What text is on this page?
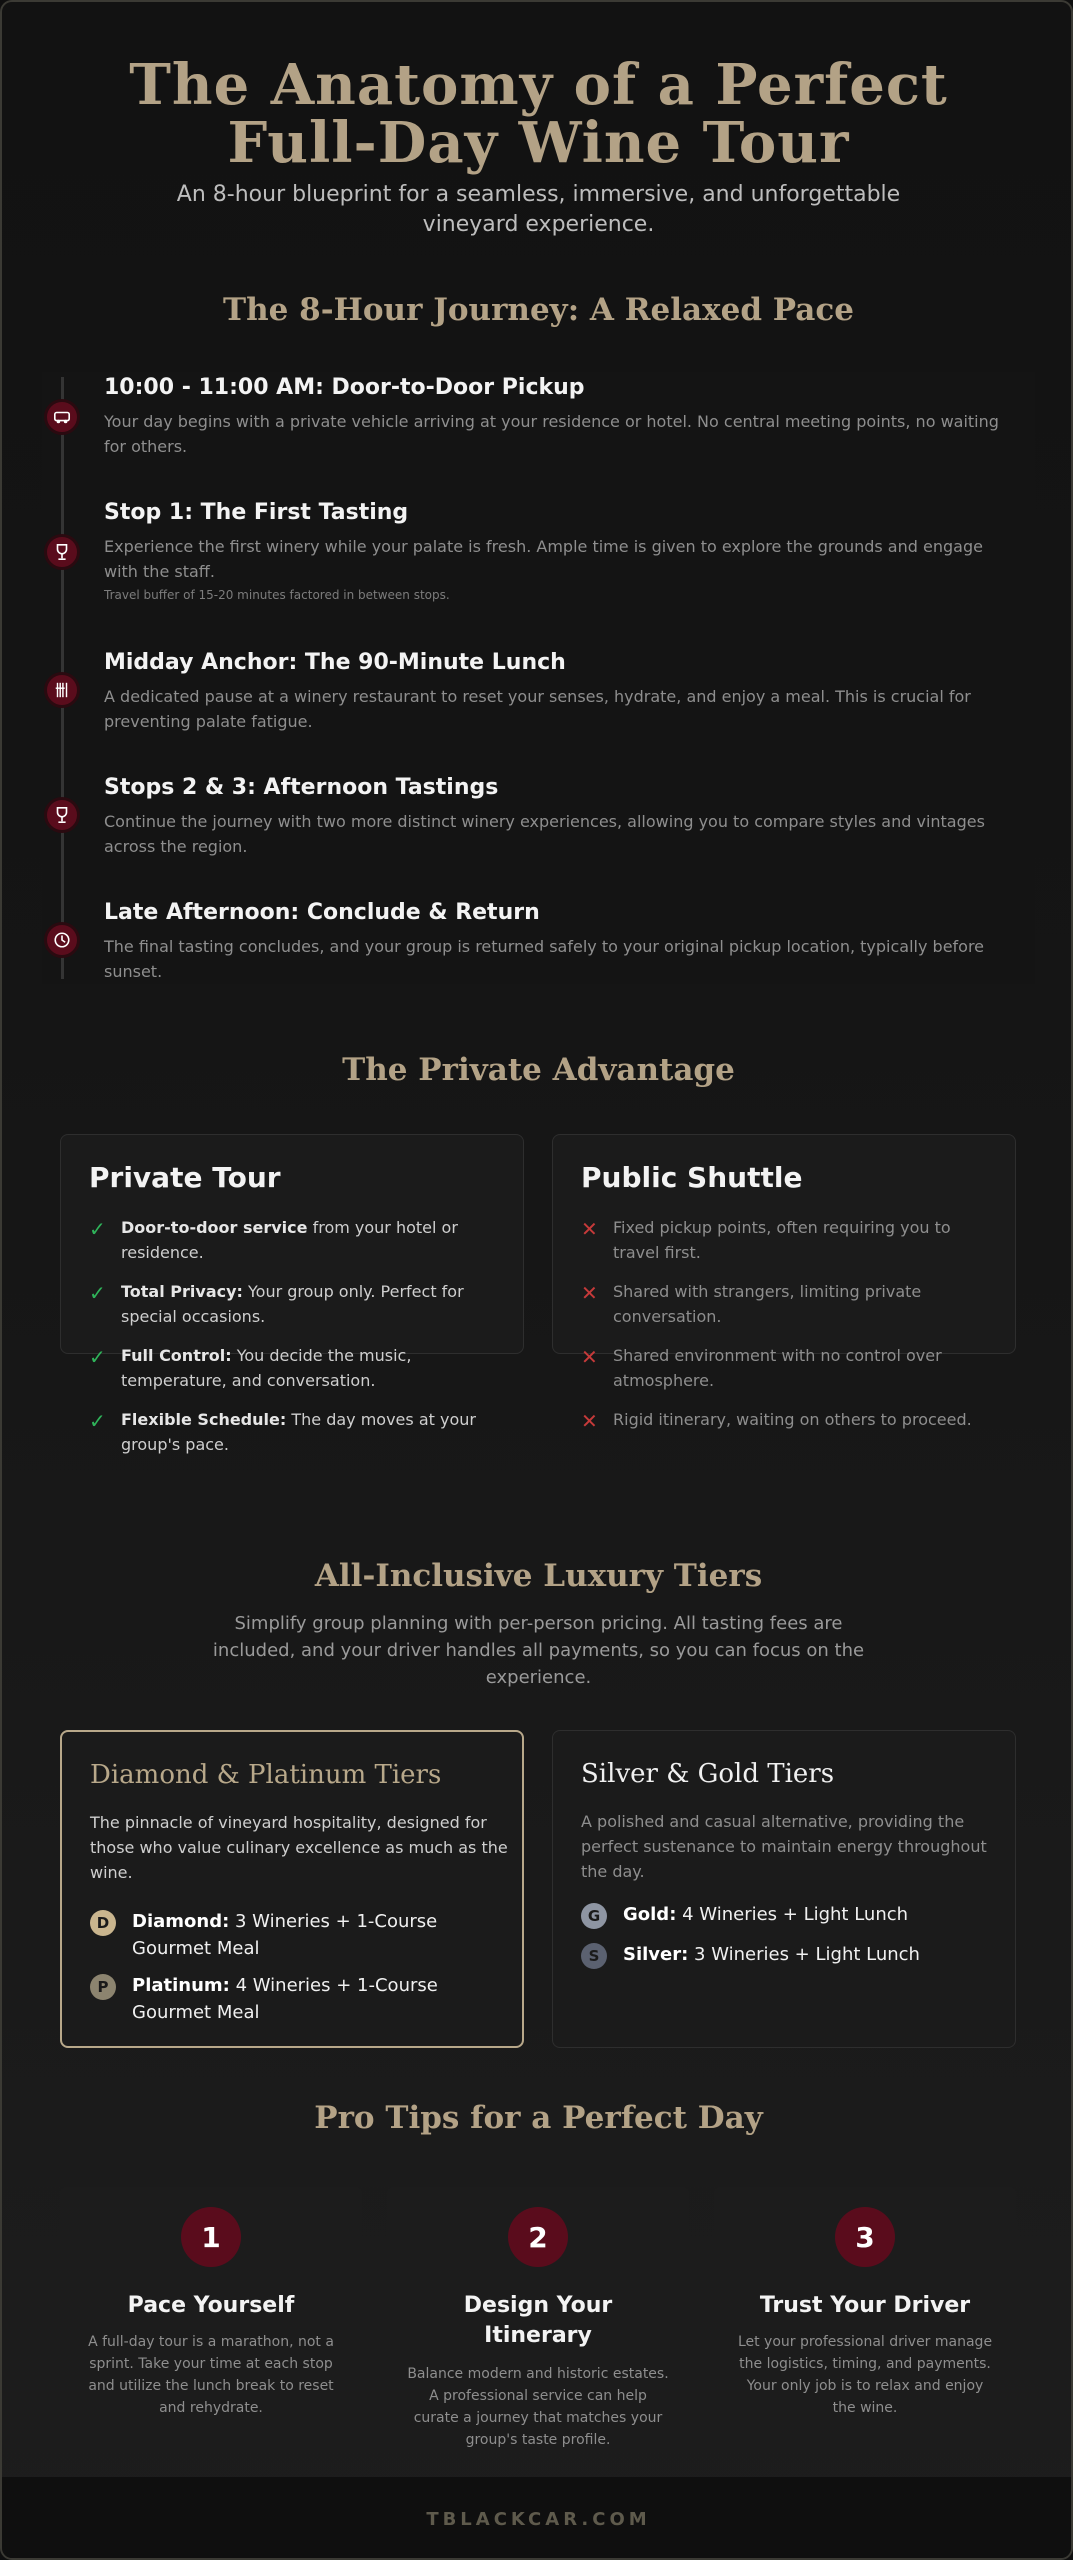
The Anatomy of a Perfect Full-Day Wine Tour

An 8-hour blueprint for a seamless, immersive, and unforgettable vineyard experience.

The 8-Hour Journey: A Relaxed Pace
10:00 - 11:00 AM: Door-to-Door Pickup
Your day begins with a private vehicle arriving at your residence or hotel. No central meeting points, no waiting for others.
Stop 1: The First Tasting
Experience the first winery while your palate is fresh. Ample time is given to explore the grounds and engage with the staff.
Travel buffer of 15-20 minutes factored in between stops.
Midday Anchor: The 90-Minute Lunch
A dedicated pause at a winery restaurant to reset your senses, hydrate, and enjoy a meal. This is crucial for preventing palate fatigue.
Stops 2 & 3: Afternoon Tastings
Continue the journey with two more distinct winery experiences, allowing you to compare styles and vintages across the region.
Late Afternoon: Conclude & Return
The final tasting concludes, and your group is returned safely to your original pickup location, typically before sunset.
The Private Advantage
Private Tour
✓ Door-to-door service from your hotel or residence.
✓ Total Privacy: Your group only. Perfect for special occasions.
✓ Full Control: You decide the music, temperature, and conversation.
✓ Flexible Schedule: The day moves at your group's pace.
Public Shuttle
✕ Fixed pickup points, often requiring you to travel first.
✕ Shared with strangers, limiting private conversation.
✕ Shared environment with no control over atmosphere.
✕ Rigid itinerary, waiting on others to proceed.
All-Inclusive Luxury Tiers

Simplify group planning with per-person pricing. All tasting fees are included, and your driver handles all payments, so you can focus on the experience.

Diamond & Platinum Tiers
The pinnacle of vineyard hospitality, designed for those who value culinary excellence as much as the wine.
D	Diamond: 3 Wineries + 1-Course Gourmet Meal
P	Platinum: 4 Wineries + 1-Course Gourmet Meal
Silver & Gold Tiers
A polished and casual alternative, providing the perfect sustenance to maintain energy throughout the day.
G	Gold: 4 Wineries + Light Lunch
S	Silver: 3 Wineries + Light Lunch
Pro Tips for a Perfect Day
1
Pace Yourself
A full-day tour is a marathon, not a sprint. Take your time at each stop and utilize the lunch break to reset and rehydrate.
2
Design Your Itinerary
Balance modern and historic estates. A professional service can help curate a journey that matches your group's taste profile.
3
Trust Your Driver
Let your professional driver manage the logistics, timing, and payments. Your only job is to relax and enjoy the wine.
TBLACKCAR.COM
